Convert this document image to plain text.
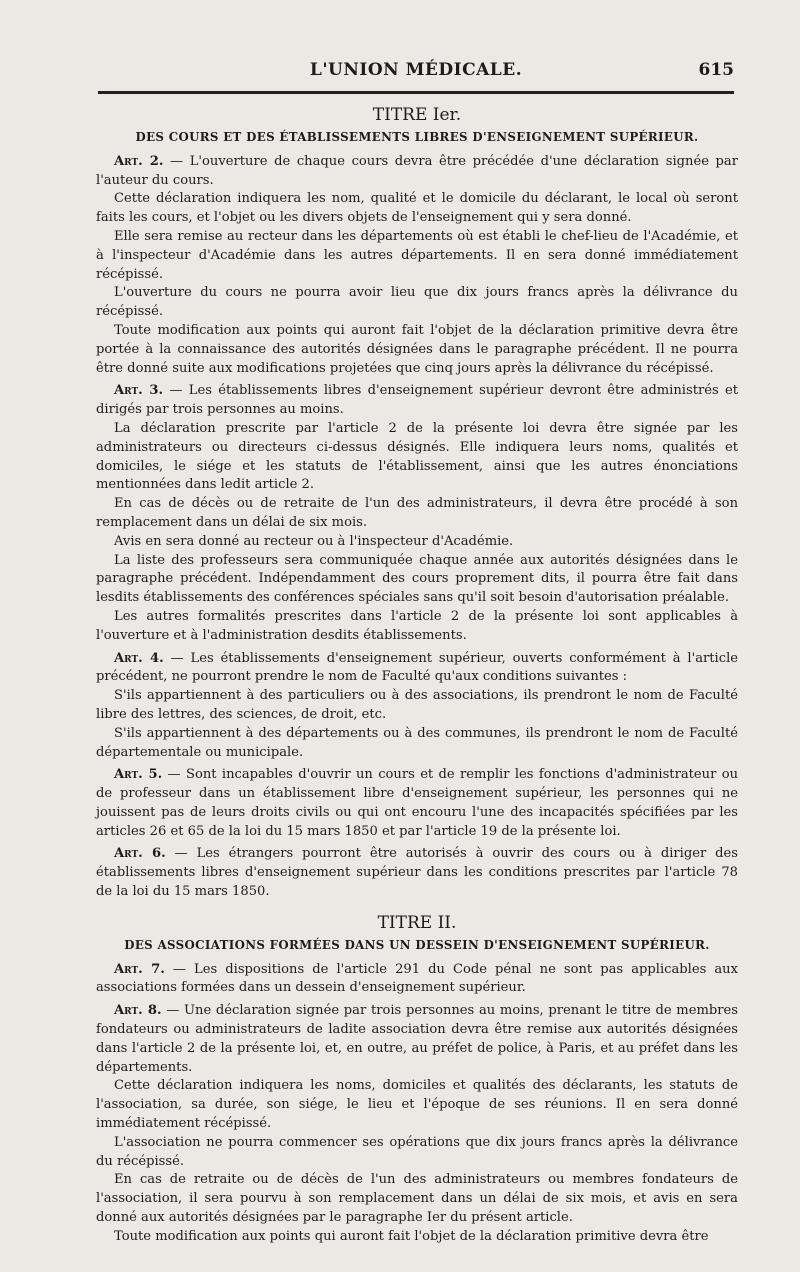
L'UNION MÉDICALE.	615
TITRE Ier.
DES COURS ET DES ÉTABLISSEMENTS LIBRES D'ENSEIGNEMENT SUPÉRIEUR.

Art. 2. — L'ouverture de chaque cours devra être précédée d'une déclaration signée par l'auteur du cours.

Cette déclaration indiquera les nom, qualité et le domicile du déclarant, le local où seront faits les cours, et l'objet ou les divers objets de l'enseignement qui y sera donné.

Elle sera remise au recteur dans les départements où est établi le chef-lieu de l'Académie, et à l'inspecteur d'Académie dans les autres départements. Il en sera donné immédiatement récépissé.

L'ouverture du cours ne pourra avoir lieu que dix jours francs après la délivrance du récépissé.

Toute modification aux points qui auront fait l'objet de la déclaration primitive devra être portée à la connaissance des autorités désignées dans le paragraphe précédent. Il ne pourra être donné suite aux modifications projetées que cinq jours après la délivrance du récépissé.

Art. 3. — Les établissements libres d'enseignement supérieur devront être administrés et dirigés par trois personnes au moins.

La déclaration prescrite par l'article 2 de la présente loi devra être signée par les administrateurs ou directeurs ci-dessus désignés. Elle indiquera leurs noms, qualités et domiciles, le siége et les statuts de l'établissement, ainsi que les autres énonciations mentionnées dans ledit article 2.

En cas de décès ou de retraite de l'un des administrateurs, il devra être procédé à son remplacement dans un délai de six mois.

Avis en sera donné au recteur ou à l'inspecteur d'Académie.

La liste des professeurs sera communiquée chaque année aux autorités désignées dans le paragraphe précédent. Indépendamment des cours proprement dits, il pourra être fait dans lesdits établissements des conférences spéciales sans qu'il soit besoin d'autorisation préalable.

Les autres formalités prescrites dans l'article 2 de la présente loi sont applicables à l'ouverture et à l'administration desdits établissements.

Art. 4. — Les établissements d'enseignement supérieur, ouverts conformément à l'article précédent, ne pourront prendre le nom de Faculté qu'aux conditions suivantes :

S'ils appartiennent à des particuliers ou à des associations, ils prendront le nom de Faculté libre des lettres, des sciences, de droit, etc.

S'ils appartiennent à des départements ou à des communes, ils prendront le nom de Faculté départementale ou municipale.

Art. 5. — Sont incapables d'ouvrir un cours et de remplir les fonctions d'administrateur ou de professeur dans un établissement libre d'enseignement supérieur, les personnes qui ne jouissent pas de leurs droits civils ou qui ont encouru l'une des incapacités spécifiées par les articles 26 et 65 de la loi du 15 mars 1850 et par l'article 19 de la présente loi.

Art. 6. — Les étrangers pourront être autorisés à ouvrir des cours ou à diriger des établissements libres d'enseignement supérieur dans les conditions prescrites par l'article 78 de la loi du 15 mars 1850.

TITRE II.
DES ASSOCIATIONS FORMÉES DANS UN DESSEIN D'ENSEIGNEMENT SUPÉRIEUR.

Art. 7. — Les dispositions de l'article 291 du Code pénal ne sont pas applicables aux associations formées dans un dessein d'enseignement supérieur.

Art. 8. — Une déclaration signée par trois personnes au moins, prenant le titre de membres fondateurs ou administrateurs de ladite association devra être remise aux autorités désignées dans l'article 2 de la présente loi, et, en outre, au préfet de police, à Paris, et au préfet dans les départements.

Cette déclaration indiquera les noms, domiciles et qualités des déclarants, les statuts de l'association, sa durée, son siége, le lieu et l'époque de ses réunions. Il en sera donné immédiatement récépissé.

L'association ne pourra commencer ses opérations que dix jours francs après la délivrance du récépissé.

En cas de retraite ou de décès de l'un des administrateurs ou membres fondateurs de l'association, il sera pourvu à son remplacement dans un délai de six mois, et avis en sera donné aux autorités désignées par le paragraphe Ier du présent article.

Toute modification aux points qui auront fait l'objet de la déclaration primitive devra être
